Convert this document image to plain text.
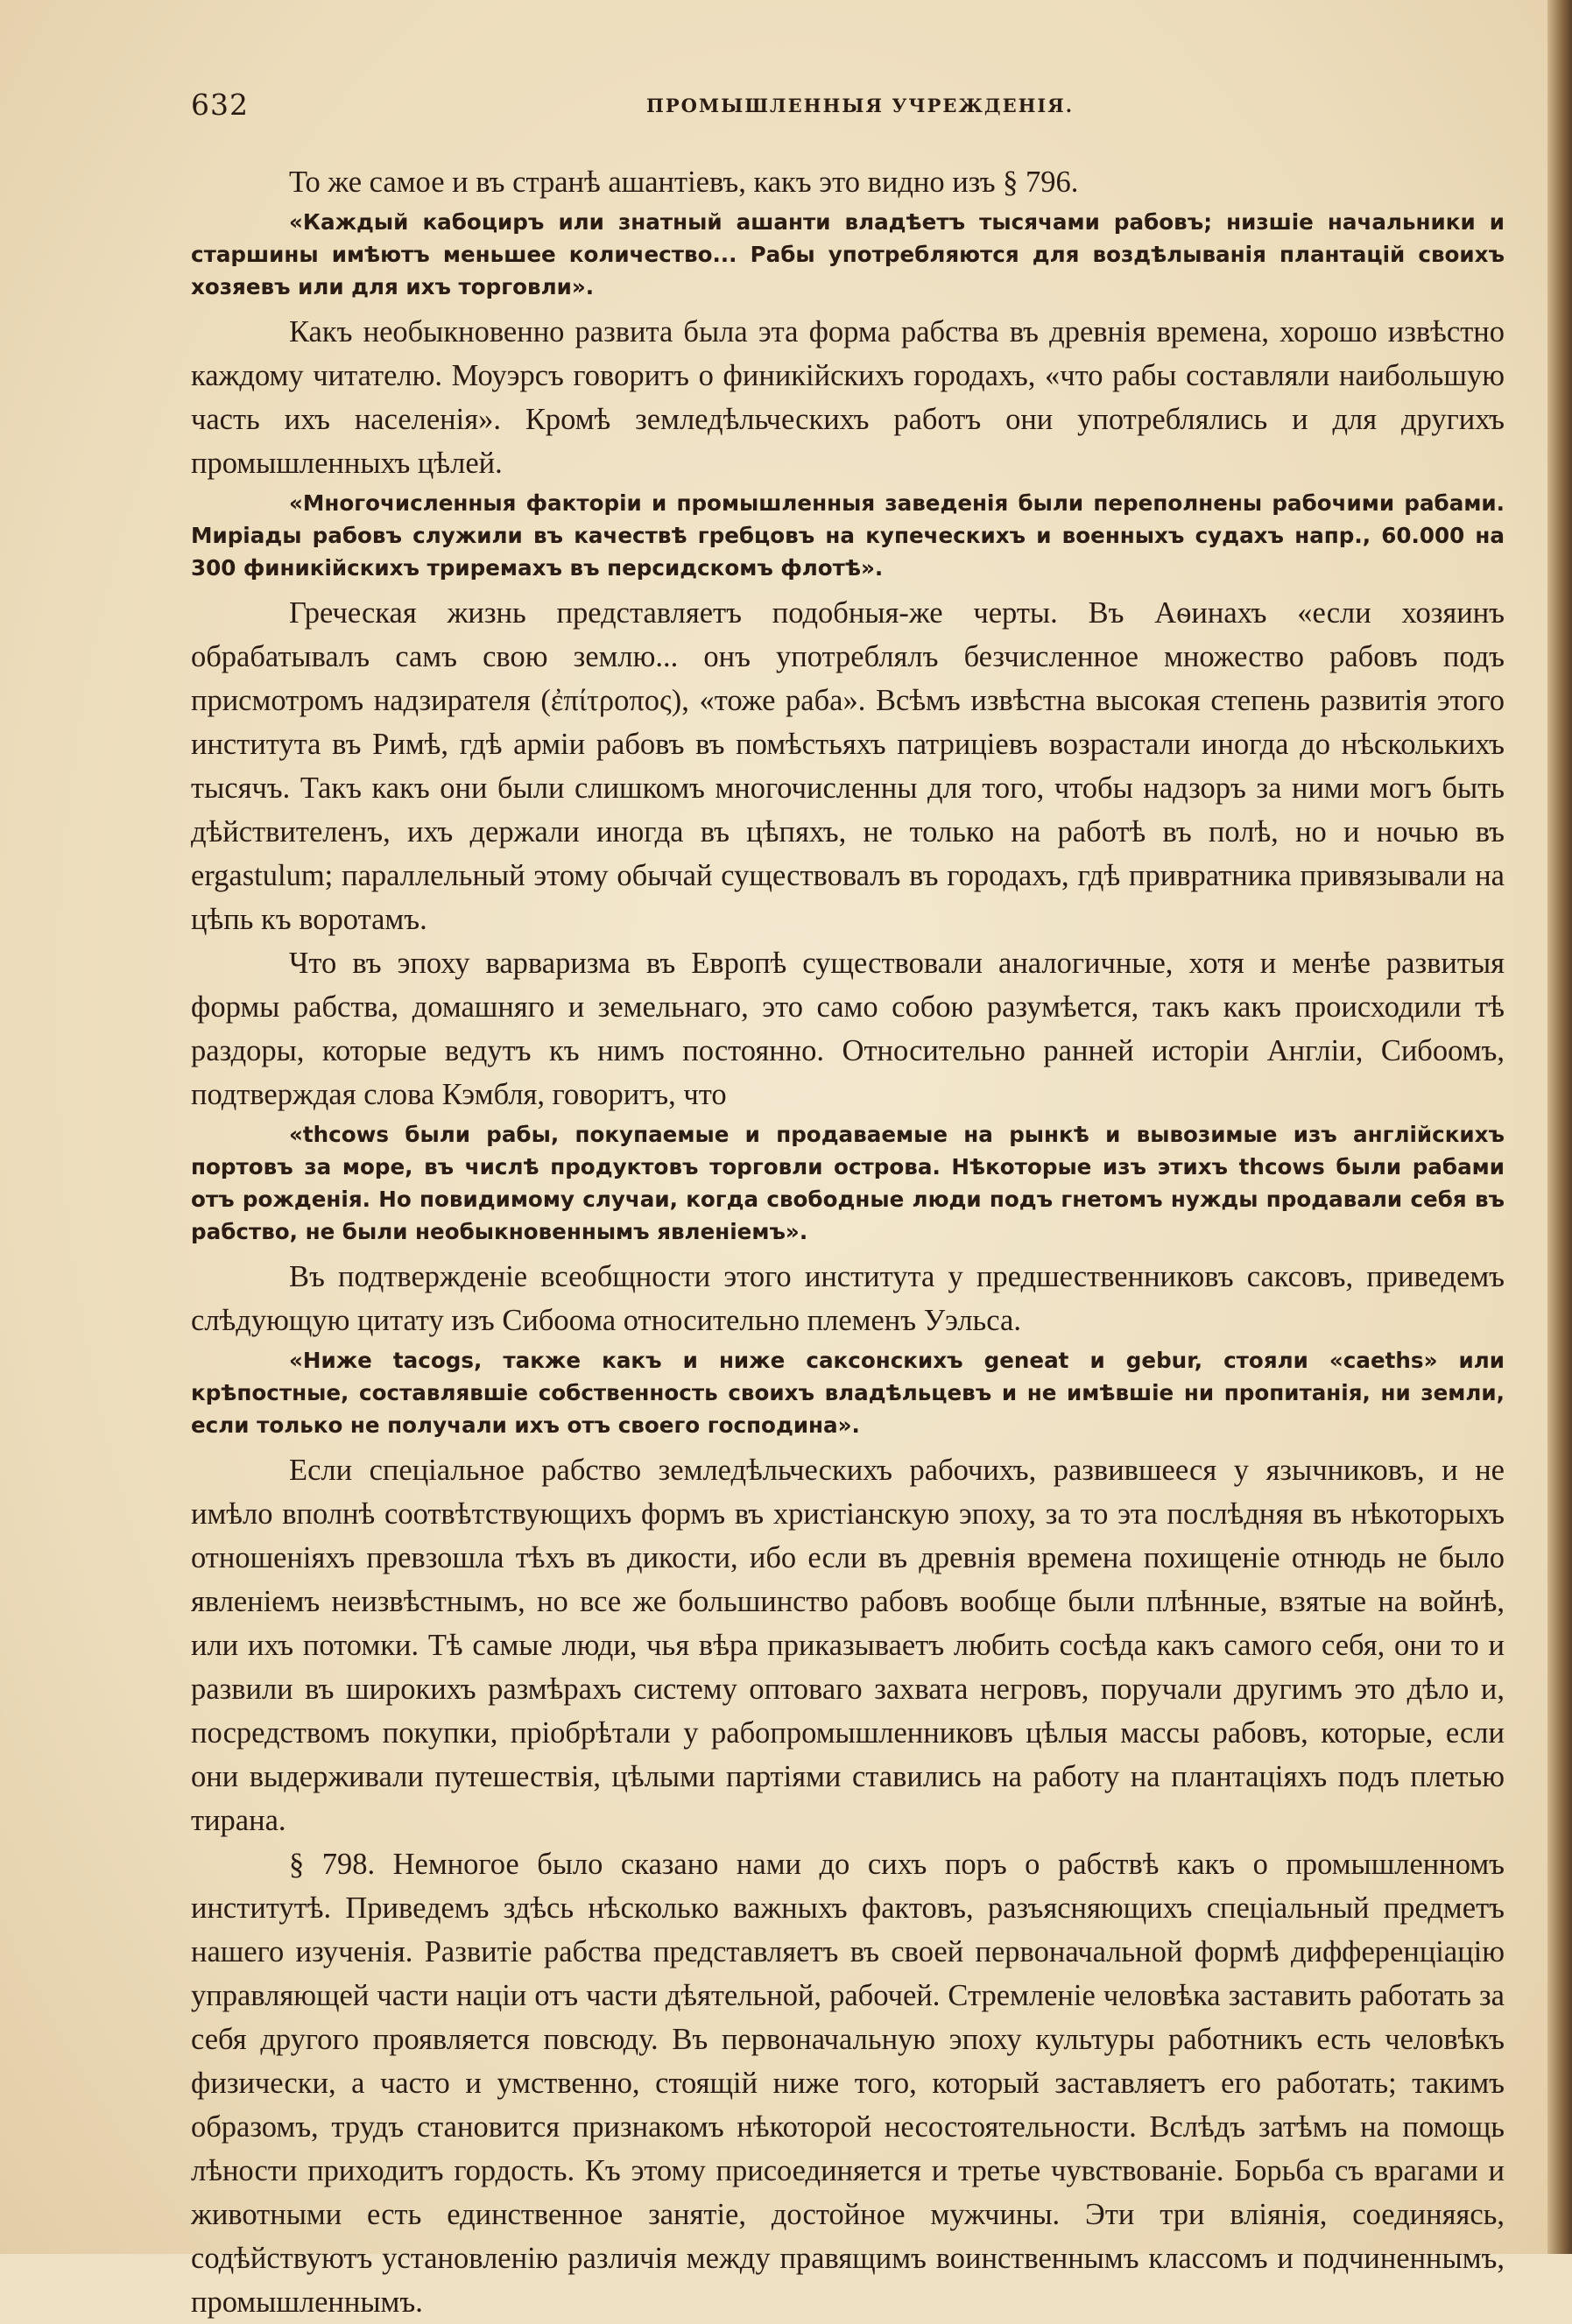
632	ПРОМЫШЛЕННЫЯ УЧРЕЖДЕНІЯ.

То же самое и въ странѣ ашантіевъ, какъ это видно изъ § 796.

«Каждый кабоциръ или знатный ашанти владѣетъ тысячами рабовъ; низшіе начальники и старшины имѣютъ меньшее количество... Рабы употребляются для воздѣлыванія плантацій своихъ хозяевъ или для ихъ торговли».

Какъ необыкновенно развита была эта форма рабства въ древнія времена, хорошо извѣстно каждому читателю. Моуэрсъ говоритъ о финикійскихъ городахъ, «что рабы составляли наибольшую часть ихъ населенія». Кромѣ земледѣльческихъ работъ они употреблялись и для другихъ промышленныхъ цѣлей.

«Многочисленныя факторіи и промышленныя заведенія были переполнены рабочими рабами. Миріады рабовъ служили въ качествѣ гребцовъ на купеческихъ и военныхъ судахъ напр., 60.000 на 300 финикійскихъ триремахъ въ персидскомъ флотѣ».

Греческая жизнь представляетъ подобныя-же черты. Въ Аѳинахъ «если хозяинъ обрабатывалъ самъ свою землю... онъ употреблялъ безчисленное множество рабовъ подъ присмотромъ надзирателя (ἐπίτροπος), «тоже раба». Всѣмъ извѣстна высокая степень развитія этого института въ Римѣ, гдѣ арміи рабовъ въ помѣстьяхъ патриціевъ возрастали иногда до нѣсколькихъ тысячъ. Такъ какъ они были слишкомъ многочисленны для того, чтобы надзоръ за ними могъ быть дѣйствителенъ, ихъ держали иногда въ цѣпяхъ, не только на работѣ въ полѣ, но и ночью въ ergastulum; параллельный этому обычай существовалъ въ городахъ, гдѣ привратника привязывали на цѣпь къ воротамъ.

Что въ эпоху варваризма въ Европѣ существовали аналогичные, хотя и менѣе развитыя формы рабства, домашняго и земельнаго, это само собою разумѣется, такъ какъ происходили тѣ раздоры, которые ведутъ къ нимъ постоянно. Относительно ранней исторіи Англіи, Сибоомъ, подтверждая слова Кэмбля, говоритъ, что

«thcows были рабы, покупаемые и продаваемые на рынкѣ и вывозимые изъ англійскихъ портовъ за море, въ числѣ продуктовъ торговли острова. Нѣкоторые изъ этихъ thcows были рабами отъ рожденія. Но повидимому случаи, когда свободные люди подъ гнетомъ нужды продавали себя въ рабство, не были необыкновеннымъ явленіемъ».

Въ подтвержденіе всеобщности этого института у предшественниковъ саксовъ, приведемъ слѣдующую цитату изъ Сибоома относительно племенъ Уэльса.

«Ниже tacogs, также какъ и ниже саксонскихъ geneat и gebur, стояли «caeths» или крѣпостные, составлявшіе собственность своихъ владѣльцевъ и не имѣвшіе ни пропитанія, ни земли, если только не получали ихъ отъ своего господина».

Если спеціальное рабство земледѣльческихъ рабочихъ, развившееся у язычниковъ, и не имѣло вполнѣ соотвѣтствующихъ формъ въ христіанскую эпоху, за то эта послѣдняя въ нѣкоторыхъ отношеніяхъ превзошла тѣхъ въ дикости, ибо если въ древнія времена похищеніе отнюдь не было явленіемъ неизвѣстнымъ, но все же большинство рабовъ вообще были плѣнные, взятые на войнѣ, или ихъ потомки. Тѣ самые люди, чья вѣра приказываетъ любить сосѣда какъ самого себя, они то и развили въ широкихъ размѣрахъ систему оптоваго захвата негровъ, поручали другимъ это дѣло и, посредствомъ покупки, пріобрѣтали у рабопромышленниковъ цѣлыя массы рабовъ, которые, если они выдерживали путешествія, цѣлыми партіями ставились на работу на плантаціяхъ подъ плетью тирана.

§ 798. Немногое было сказано нами до сихъ поръ о рабствѣ какъ о промышленномъ институтѣ. Приведемъ здѣсь нѣсколько важныхъ фактовъ, разъясняющихъ спеціальный предметъ нашего изученія. Развитіе рабства представляетъ въ своей первоначальной формѣ дифференціацію управляющей части націи отъ части дѣятельной, рабочей. Стремленіе человѣка заставить работать за себя другого проявляется повсюду. Въ первоначальную эпоху культуры работникъ есть человѣкъ физически, а часто и умственно, стоящій ниже того, который заставляетъ его работать; такимъ образомъ, трудъ становится признакомъ нѣкоторой несостоятельности. Вслѣдъ затѣмъ на помощь лѣности приходитъ гордость. Къ этому присоединяется и третье чувствованіе. Борьба съ врагами и животными есть единственное занятіе, достойное мужчины. Эти три вліянія, соединяясь, содѣйствуютъ установленію различія между правящимъ воинственнымъ классомъ и подчиненнымъ, промышленнымъ.
